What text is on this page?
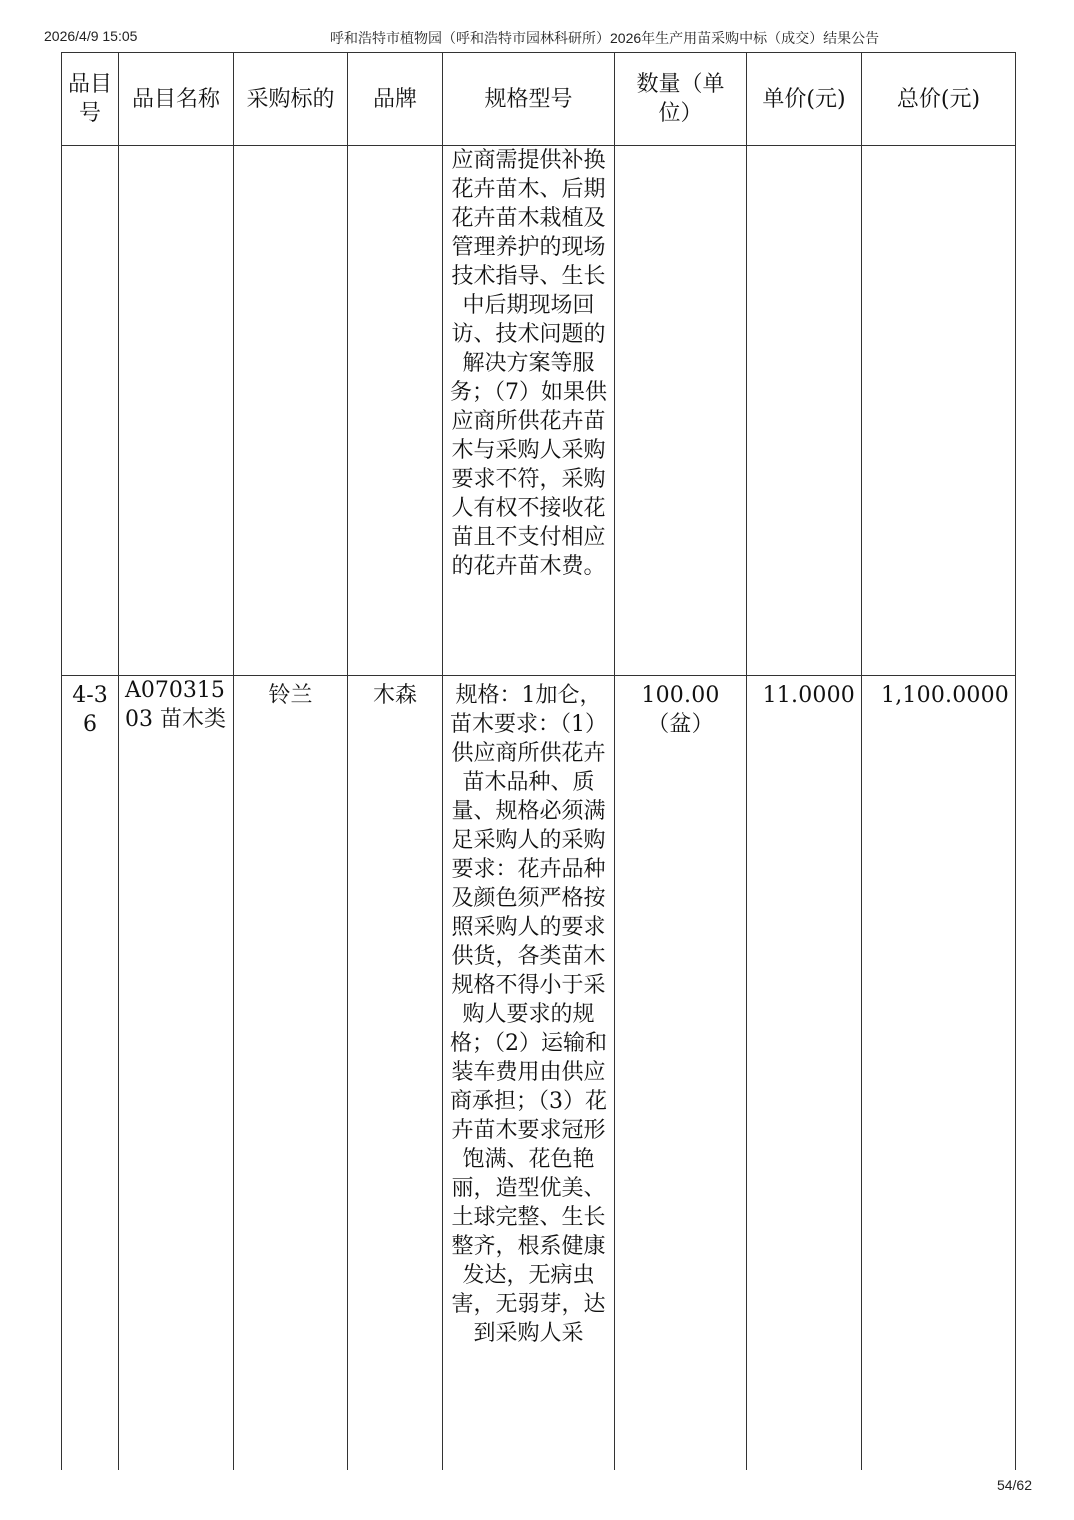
2026/4/9 15:05	呼和浩特市植物园（呼和浩特市园林科研所）2026年生产用苗采购中标（成交）结果公告
品目号	品目名称	采购标的	品牌	规格型号	数量（单位）	单价(元)	总价(元)
				应商需提供补换花卉苗木、后期花卉苗木栽植及管理养护的现场技术指导、生长中后期现场回访、技术问题的解决方案等服务；（7）如果供应商所供花卉苗木与采购人采购要求不符，采购人有权不接收花苗且不支付相应的花卉苗木费。			
4-36	A07031503 苗木类	铃兰	木森	规格：1加仑，苗木要求：（1）供应商所供花卉苗木品种、质量、规格必须满足采购人的采购要求：花卉品种及颜色须严格按照采购人的要求供货，各类苗木规格不得小于采购人要求的规格；（2）运输和装车费用由供应商承担；（3）花卉苗木要求冠形饱满、花色艳丽，造型优美、土球完整、生长整齐，根系健康发达，无病虫害，无弱芽，达到采购人采	100.00（盆）	11.0000	1,100.0000
54/62
